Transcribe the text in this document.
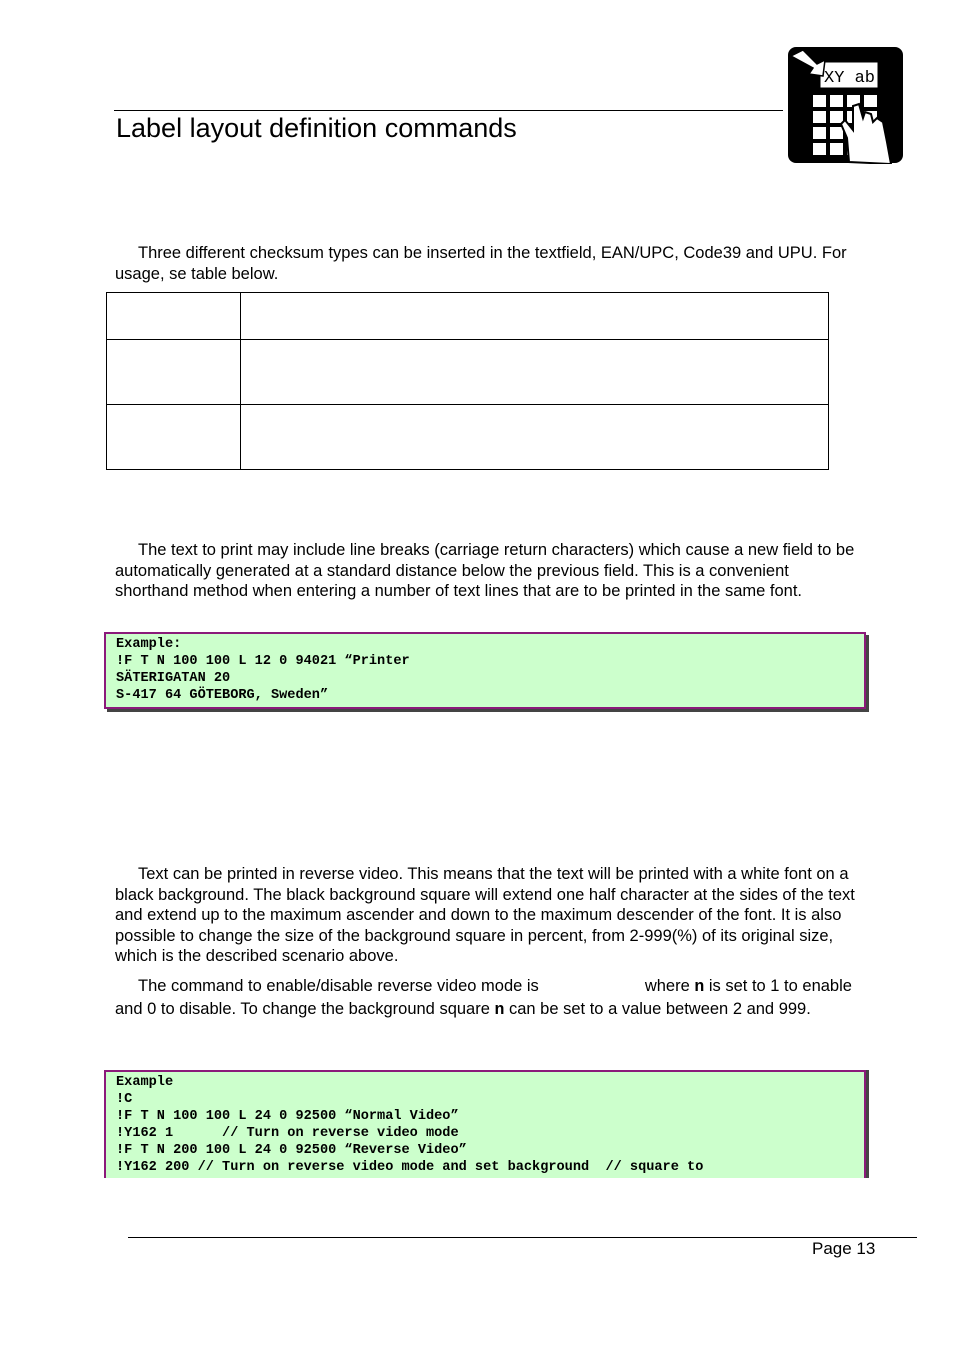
Label layout definition commands
XY ab

Three different checksum types can be inserted in the textfield, EAN/UPC, Code39 and UPU. For usage, se table below.

The text to print may include line breaks (carriage return characters) which cause a new field to be automatically generated at a standard distance below the previous field. This is a convenient shorthand method when entering a number of text lines that are to be printed in the same font.

Example:
!F T N 100 100 L 12 0 94021 “Printer
SÄTERIGATAN 20
S-417 64 GÖTEBORG, Sweden”

Text can be printed in reverse video. This means that the text will be printed with a white font on a black background. The black background square will extend one half character at the sides of the text and extend up to the maximum ascender and down to the maximum descender of the font. It is also possible to change the size of the background square in percent, from 2-999(%) of its original size, which is the described scenario above.

The command to enable/disable reverse video mode is	where n is set to 1 to enable and 0 to disable. To change the background square n can be set to a value between 2 and 999.

Example
!C
!F T N 100 100 L 24 0 92500 “Normal Video”
!Y162 1      // Turn on reverse video mode
!F T N 200 100 L 24 0 92500 “Reverse Video”
!Y162 200 // Turn on reverse video mode and set background  // square to
Page 13
